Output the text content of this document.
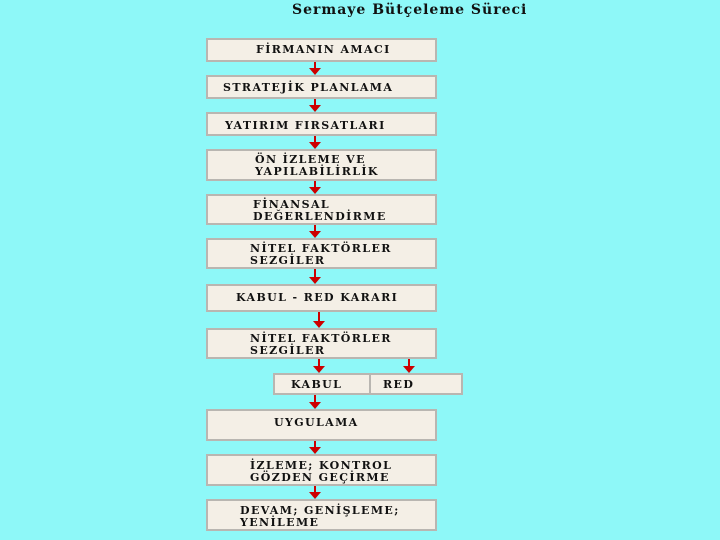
Sermaye Bütçeleme Süreci

FİRMANIN AMACI

STRATEJİK PLANLAMA

YATIRIM FIRSATLARI

ÖN İZLEME VE
YAPILABİLİRLİK

FİNANSAL
DEĞERLENDİRME

NİTEL FAKTÖRLER
SEZGİLER

KABUL - RED KARARI

NİTEL FAKTÖRLER
SEZGİLER

KABUL	RED

UYGULAMA

İZLEME; KONTROL
GÖZDEN GEÇİRME

DEVAM; GENİŞLEME;
YENİLEME
